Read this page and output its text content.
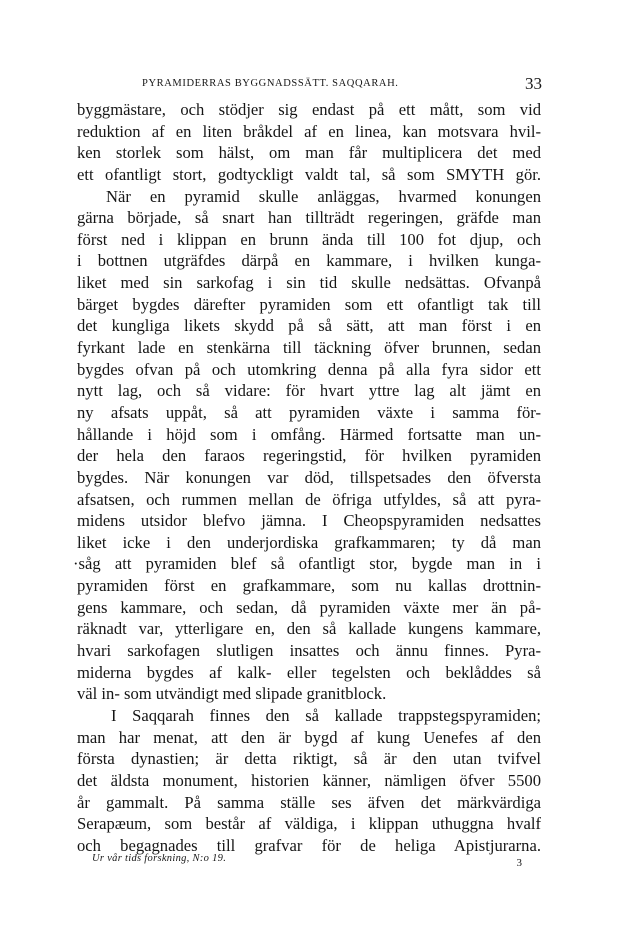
PYRAMIDERRAS BYGGNADSSÄTT. SAQQARAH.	33
byggmästare, och stödjer sig endast på ett mått, som vid
reduktion af en liten bråkdel af en linea, kan motsvara hvil-
ken storlek som hälst, om man får multiplicera det med
ett ofantligt stort, godtyckligt valdt tal, så som SMYTH gör.
När en pyramid skulle anläggas, hvarmed konungen
gärna började, så snart han tillträdt regeringen, gräfde man
först ned i klippan en brunn ända till 100 fot djup, och
i bottnen utgräfdes därpå en kammare, i hvilken kunga-
liket med sin sarkofag i sin tid skulle nedsättas. Ofvanpå
bärget bygdes därefter pyramiden som ett ofantligt tak till
det kungliga likets skydd på så sätt, att man först i en
fyrkant lade en stenkärna till täckning öfver brunnen, sedan
bygdes ofvan på och utomkring denna på alla fyra sidor ett
nytt lag, och så vidare: för hvart yttre lag alt jämt en
ny afsats uppåt, så att pyramiden växte i samma för-
hållande i höjd som i omfång. Härmed fortsatte man un-
der hela den faraos regeringstid, för hvilken pyramiden
bygdes. När konungen var död, tillspetsades den öfversta
afsatsen, och rummen mellan de öfriga utfyldes, så att pyra-
midens utsidor blefvo jämna. I Cheopspyramiden nedsattes
liket icke i den underjordiska grafkammaren; ty då man
·såg att pyramiden blef så ofantligt stor, bygde man in i
pyramiden först en grafkammare, som nu kallas drottnin-
gens kammare, och sedan, då pyramiden växte mer än på-
räknadt var, ytterligare en, den så kallade kungens kammare,
hvari sarkofagen slutligen insattes och ännu finnes. Pyra-
miderna bygdes af kalk- eller tegelsten och beklåddes så
väl in- som utvändigt med slipade granitblock.
I Saqqarah finnes den så kallade trappstegspyramiden;
man har menat, att den är bygd af kung Uenefes af den
första dynastien; är detta riktigt, så är den utan tvifvel
det äldsta monument, historien känner, nämligen öfver 5500
år gammalt. På samma ställe ses äfven det märkvärdiga
Serapæum, som består af väldiga, i klippan uthuggna hvalf
och begagnades till grafvar för de heliga Apistjurarna.
Ur vår tids forskning, N:o 19.	3
